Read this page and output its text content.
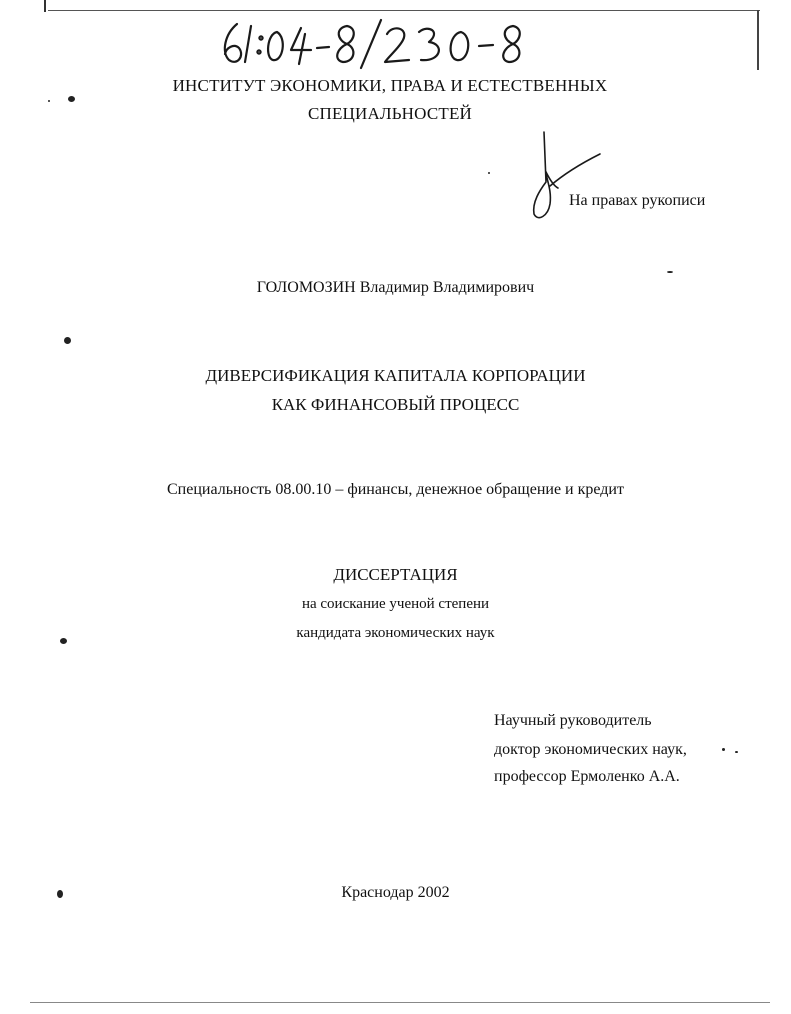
ИНСТИТУТ ЭКОНОМИКИ, ПРАВА И ЕСТЕСТВЕННЫХ
СПЕЦИАЛЬНОСТЕЙ
На правах рукописи
ГОЛОМОЗИН Владимир Владимирович
ДИВЕРСИФИКАЦИЯ КАПИТАЛА КОРПОРАЦИИ
КАК ФИНАНСОВЫЙ ПРОЦЕСС
Специальность 08.00.10 – финансы, денежное обращение и кредит
ДИССЕРТАЦИЯ
на соискание ученой степени
кандидата экономических наук
Научный руководитель
доктор экономических наук,
профессор Ермоленко А.А.
Краснодар 2002
